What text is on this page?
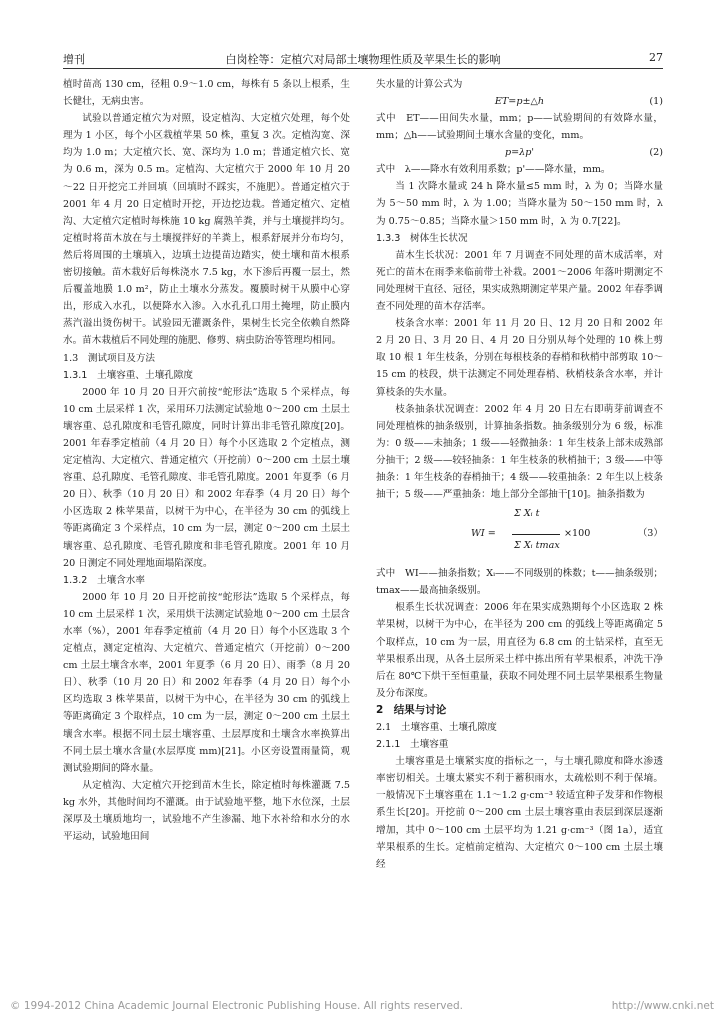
增刊	白岗栓等：定植穴对局部土壤物理性质及苹果生长的影响	27

植时苗高 130 cm，径粗 0.9～1.0 cm，每株有 5 条以上根系，生长健壮，无病虫害。

试验以普通定植穴为对照，设定植沟、大定植穴处理，每个处理为 1 小区，每个小区栽植苹果 50 株，重复 3 次。定植沟宽、深均为 1.0 m；大定植穴长、宽、深均为 1.0 m；普通定植穴长、宽为 0.6 m，深为 0.5 m。定植沟、大定植穴于 2000 年 10 月 20～22 日开挖完工并回填（回填时不踩实，不施肥）。普通定植穴于 2001 年 4 月 20 日定植时开挖，开边挖边栽。普通定植穴、定植沟、大定植穴定植时每株施 10 kg 腐熟羊粪，并与土壤搅拌均匀。定植时将苗木放在与土壤搅拌好的羊粪上，根系舒展并分布均匀，然后将周围的土壤填入，边填土边提苗边踏实，使土壤和苗木根系密切接触。苗木栽好后每株浇水 7.5 kg，水下渗后再覆一层土，然后覆盖地膜 1.0 m²，防止土壤水分蒸发。覆膜时树干从膜中心穿出，形成入水孔，以便降水入渗。入水孔孔口用土掩埋，防止膜内蒸汽溢出烫伤树干。试验园无灌溉条件，果树生长完全依赖自然降水。苗木栽植后不同处理的施肥、修剪、病虫防治等管理均相同。

1.3　测试项目及方法

1.3.1　土壤容重、土壤孔隙度

2000 年 10 月 20 日开穴前按“蛇形法”选取 5 个采样点，每 10 cm 土层采样 1 次，采用环刀法测定试验地 0～200 cm 土层土壤容重、总孔隙度和毛管孔隙度，同时计算出非毛管孔隙度[20]。2001 年春季定植前（4 月 20 日）每个小区选取 2 个定植点，测定定植沟、大定植穴、普通定植穴（开挖前）0～200 cm 土层土壤容重、总孔隙度、毛管孔隙度、非毛管孔隙度。2001 年夏季（6 月 20 日）、秋季（10 月 20 日）和 2002 年春季（4 月 20 日）每个小区选取 2 株苹果苗，以树干为中心，在半径为 30 cm 的弧线上等距离确定 3 个采样点，10 cm 为一层，测定 0～200 cm 土层土壤容重、总孔隙度、毛管孔隙度和非毛管孔隙度。2001 年 10 月 20 日测定不同处理地面塌陷深度。

1.3.2　土壤含水率

2000 年 10 月 20 日开挖前按“蛇形法”选取 5 个采样点，每 10 cm 土层采样 1 次，采用烘干法测定试验地 0～200 cm 土层含水率（%），2001 年春季定植前（4 月 20 日）每个小区选取 3 个定植点，测定定植沟、大定植穴、普通定植穴（开挖前）0～200 cm 土层土壤含水率，2001 年夏季（6 月 20 日）、雨季（8 月 20 日）、秋季（10 月 20 日）和 2002 年春季（4 月 20 日）每个小区均选取 3 株苹果苗，以树干为中心，在半径为 30 cm 的弧线上等距离确定 3 个取样点，10 cm 为一层，测定 0～200 cm 土层土壤含水率。根据不同土层土壤容重、土层厚度和土壤含水率换算出不同土层土壤水含量(水层厚度 mm)[21]。小区旁设置雨量筒，观测试验期间的降水量。

从定植沟、大定植穴开挖到苗木生长，除定植时每株灌溉 7.5 kg 水外，其他时间均不灌溉。由于试验地平整，地下水位深，土层深厚及土壤质地均一，试验地不产生渗漏、地下水补给和水分的水平运动，试验地田间

失水量的计算公式为

ET=p±△h	(1)

式中　ET——田间失水量，mm；p——试验期间的有效降水量，mm；△h——试验期间土壤水含量的变化，mm。

p=λp'	(2)

式中　λ——降水有效利用系数；p'——降水量，mm。

当 1 次降水量或 24 h 降水量≤5 mm 时，λ 为 0；当降水量为 5～50 mm 时，λ 为 1.00；当降水量为 50～150 mm 时，λ 为 0.75～0.85；当降水量＞150 mm 时，λ 为 0.7[22]。

1.3.3　树体生长状况

苗木生长状况：2001 年 7 月调查不同处理的苗木成活率，对死亡的苗木在雨季来临前带土补栽。2001～2006 年落叶期测定不同处理树干直径、冠径，果实成熟期测定苹果产量。2002 年春季调查不同处理的苗木存活率。

枝条含水率：2001 年 11 月 20 日、12 月 20 日和 2002 年 2 月 20 日、3 月 20 日、4 月 20 日分别从每个处理的 10 株上剪取 10 根 1 年生枝条，分别在每根枝条的春梢和秋梢中部剪取 10～15 cm 的枝段，烘干法测定不同处理春梢、秋梢枝条含水率，并计算枝条的失水量。

枝条抽条状况调查：2002 年 4 月 20 日左右即萌芽前调查不同处理植株的抽条级别，计算抽条指数。抽条级别分为 6 级，标准为：0 级——未抽条；1 级——轻微抽条：1 年生枝条上部未成熟部分抽干；2 级——较轻抽条：1 年生枝条的秋梢抽干；3 级——中等抽条：1 年生枝条的春梢抽干；4 级——较重抽条：2 年生以上枝条抽干；5 级——严重抽条：地上部分全部抽干[10]。抽条指数为

WI =
Σ Xᵢ t
Σ Xᵢ tmax
×100	（3）

式中　WI——抽条指数；Xᵢ——不同级别的株数；t——抽条级别；tmax——最高抽条级别。

根系生长状况调查：2006 年在果实成熟期每个小区选取 2 株苹果树，以树干为中心，在半径为 200 cm 的弧线上等距离确定 5 个取样点，10 cm 为一层，用直径为 6.8 cm 的土钻采样，直至无苹果根系出现，从各土层所采土样中拣出所有苹果根系，冲洗干净后在 80℃下烘干至恒重量，获取不同处理不同土层苹果根系生物量及分布深度。

2　结果与讨论

2.1　土壤容重、土壤孔隙度

2.1.1　土壤容重

土壤容重是土壤紧实度的指标之一，与土壤孔隙度和降水渗透率密切相关。土壤太紧实不利于蓄积雨水，太疏松则不利于保墒。一般情况下土壤容重在 1.1～1.2 g·cm⁻³ 较适宜种子发芽和作物根系生长[20]。开挖前 0～200 cm 土层土壤容重由表层到深层逐渐增加，其中 0～100 cm 土层平均为 1.21 g·cm⁻³（图 1a），适宜苹果根系的生长。定植前定植沟、大定植穴 0～100 cm 土层土壤经

© 1994-2012 China Academic Journal Electronic Publishing House. All rights reserved.	http://www.cnki.net
